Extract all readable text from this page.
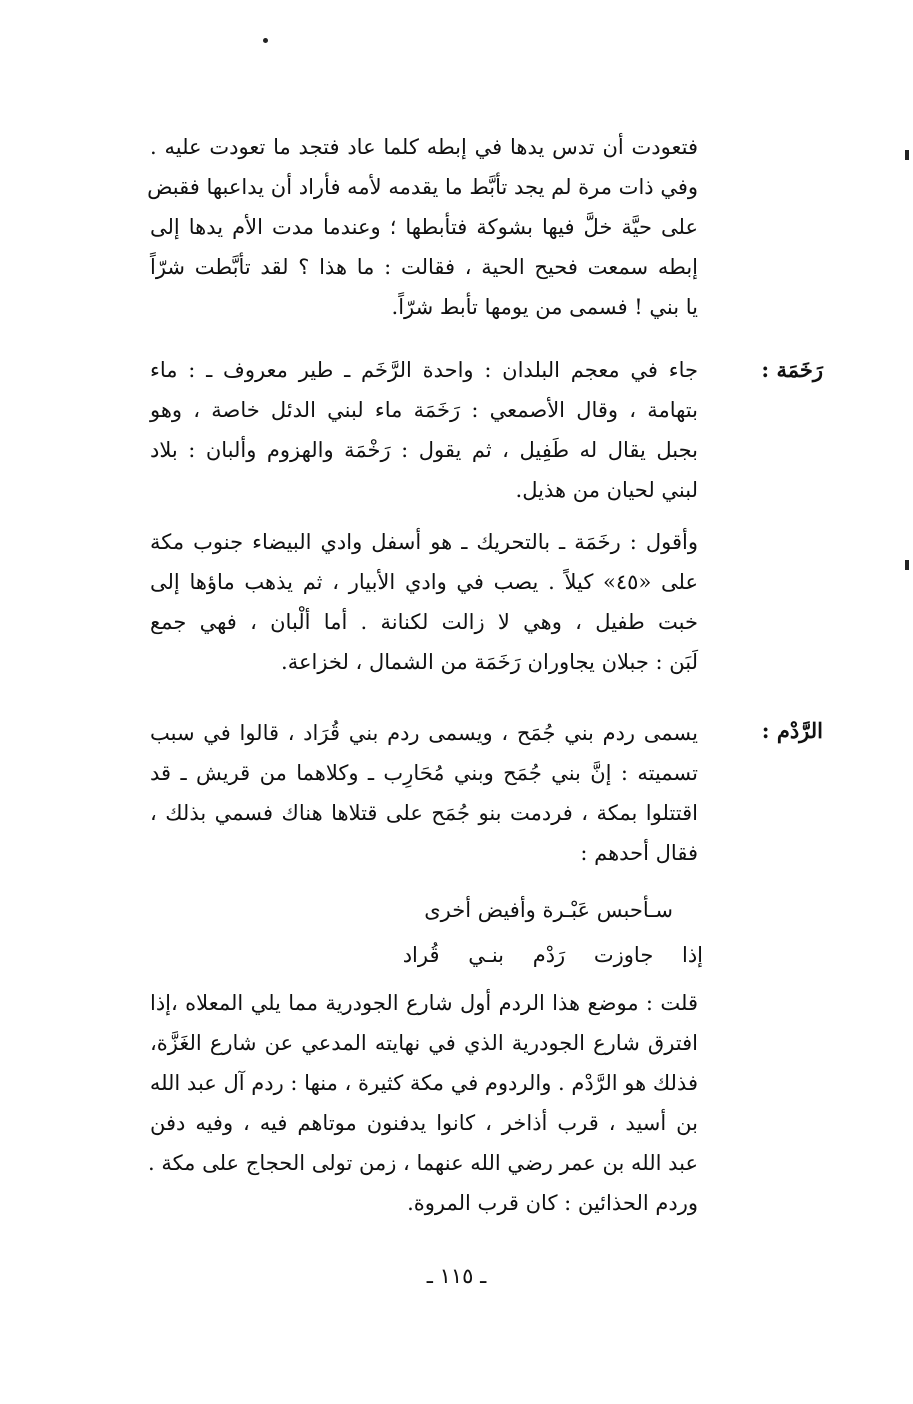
فتعودت أن تدس يدها في إبطه كلما عاد فتجد ما تعودت عليه .
وفي ذات مرة لم يجد تأبَّط ما يقدمه لأمه فأراد أن يداعبها فقبض
على حيَّة خلَّ فيها بشوكة فتأبطها ؛ وعندما مدت الأم يدها إلى
إبطه سمعت فحيح الحية ، فقالت : ما هذا ؟ لقد تأبَّطت شرّاً
يا بني ! فسمى من يومها تأبط شرّاً.
رَخَمَة :
جاء في معجم البلدان : واحدة الرَّخَم ـ طير معروف ـ : ماء
بتهامة ، وقال الأصمعي : رَخَمَة ماء لبني الدئل خاصة ، وهو
بجبل يقال له طَفِيل ، ثم يقول : رَخْمَة والهزوم وألبان : بلاد
لبني لحيان من هذيل.
وأقول : رخَمَة ـ بالتحريك ـ هو أسفل وادي البيضاء جنوب مكة
على «٤٥» كيلاً . يصب في وادي الأبيار ، ثم يذهب ماؤها إلى
خبت طفيل ، وهي لا زالت لكنانة . أما ألْبان ، فهي جمع
لَبَن : جبلان يجاوران رَخَمَة من الشمال ، لخزاعة.
الرَّدْم :
يسمى ردم بني جُمَح ، ويسمى ردم بني قُرَاد ، قالوا في سبب
تسميته : إنَّ بني جُمَح وبني مُحَارِب ـ وكلاهما من قريش ـ قد
اقتتلوا بمكة ، فردمت بنو جُمَح على قتلاها هناك فسمي بذلك ،
فقال أحدهم :
سـأحبس عَبْـرة وأفيض أخرى
إذا جاوزت رَدْم بنـي قُراد
قلت : موضع هذا الردم أول شارع الجودرية مما يلي المعلاه ،إذا
افترق شارع الجودرية الذي في نهايته المدعي عن شارع الغَزَّة،
فذلك هو الرَّدْم . والردوم في مكة كثيرة ، منها : ردم آل عبد الله
بن أسيد ، قرب أذاخر ، كانوا يدفنون موتاهم فيه ، وفيه دفن
عبد الله بن عمر رضي الله عنهما ، زمن تولى الحجاج على مكة .
وردم الحذائين : كان قرب المروة.
ـ ١١٥ ـ
